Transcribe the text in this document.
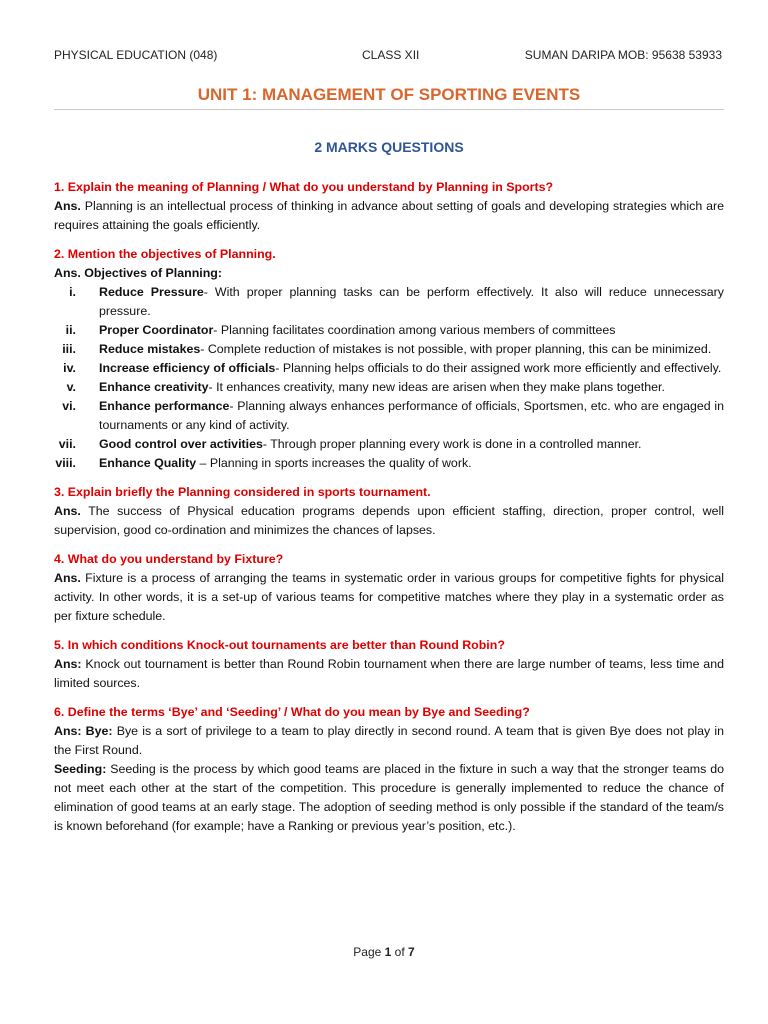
PHYSICAL EDUCATION (048)	CLASS XII	SUMAN DARIPA MOB: 95638 53933
UNIT 1: MANAGEMENT OF SPORTING EVENTS
2 MARKS QUESTIONS
1. Explain the meaning of Planning / What do you understand by Planning in Sports?
Ans. Planning is an intellectual process of thinking in advance about setting of goals and developing strategies which are requires attaining the goals efficiently.
2. Mention the objectives of Planning.
Ans. Objectives of Planning:
i. Reduce Pressure- With proper planning tasks can be perform effectively. It also will reduce unnecessary pressure.
ii. Proper Coordinator- Planning facilitates coordination among various members of committees
iii. Reduce mistakes- Complete reduction of mistakes is not possible, with proper planning, this can be minimized.
iv. Increase efficiency of officials- Planning helps officials to do their assigned work more efficiently and effectively.
v. Enhance creativity- It enhances creativity, many new ideas are arisen when they make plans together.
vi. Enhance performance- Planning always enhances performance of officials, Sportsmen, etc. who are engaged in tournaments or any kind of activity.
vii. Good control over activities- Through proper planning every work is done in a controlled manner.
viii. Enhance Quality – Planning in sports increases the quality of work.
3. Explain briefly the Planning considered in sports tournament.
Ans. The success of Physical education programs depends upon efficient staffing, direction, proper control, well supervision, good co-ordination and minimizes the chances of lapses.
4. What do you understand by Fixture?
Ans. Fixture is a process of arranging the teams in systematic order in various groups for competitive fights for physical activity. In other words, it is a set-up of various teams for competitive matches where they play in a systematic order as per fixture schedule.
5. In which conditions Knock-out tournaments are better than Round Robin?
Ans: Knock out tournament is better than Round Robin tournament when there are large number of teams, less time and limited sources.
6. Define the terms ‘Bye’ and ‘Seeding’ / What do you mean by Bye and Seeding?
Ans: Bye: Bye is a sort of privilege to a team to play directly in second round. A team that is given Bye does not play in the First Round.
Seeding: Seeding is the process by which good teams are placed in the fixture in such a way that the stronger teams do not meet each other at the start of the competition. This procedure is generally implemented to reduce the chance of elimination of good teams at an early stage. The adoption of seeding method is only possible if the standard of the team/s is known beforehand (for example; have a Ranking or previous year’s position, etc.).
Page 1 of 7
